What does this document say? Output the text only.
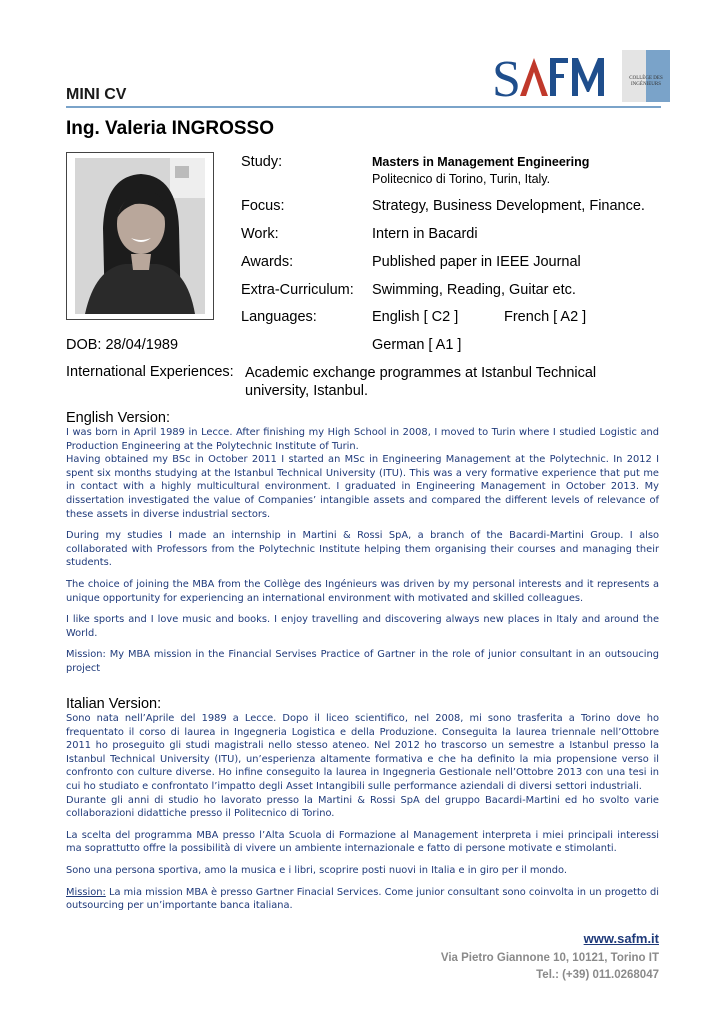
MINI CV	S	COLLÈGE DES INGÉNIEURS
Ing. Valeria INGROSSO
Study:	Masters in Management Engineering
Politecnico di Torino, Turin, Italy.
Focus:	Strategy, Business Development, Finance.
Work:	Intern in Bacardi
Awards:	Published paper in IEEE Journal
Extra-Curriculum: Swimming, Reading, Guitar etc.
Languages:	English [ C2 ]	French [ A2 ]
DOB: 28/04/1989	German [ A1 ]
International Experiences: Academic exchange programmes at Istanbul Technical university, Istanbul.
English Version:

I was born in April 1989 in Lecce. After finishing my High School in 2008, I moved to Turin where I studied Logistic and Production Engineering at the Polytechnic Institute of Turin.

Having obtained my BSc in October 2011 I started an MSc in Engineering Management at the Polytechnic. In 2012 I spent six months studying at the Istanbul Technical University (ITU). This was a very formative experience that put me in contact with a highly multicultural environment. I graduated in Engineering Management in October 2013. My dissertation investigated the value of Companies’ intangible assets and compared the different levels of relevance of these assets in diverse industrial sectors.

During my studies I made an internship in Martini & Rossi SpA, a branch of the Bacardi-Martini Group. I also collaborated with Professors from the Polytechnic Institute helping them organising their courses and managing their students.

The choice of joining the MBA from the Collège des Ingénieurs was driven by my personal interests and it represents a unique opportunity for experiencing an international environment with motivated and skilled colleagues.

I like sports and I love music and books. I enjoy travelling and discovering always new places in Italy and around the World.

Mission: My MBA mission in the Financial Servises Practice of Gartner in the role of junior consultant in an outsoucing project

Italian Version:

Sono nata nell’Aprile del 1989 a Lecce. Dopo il liceo scientifico, nel 2008, mi sono trasferita a Torino dove ho frequentato il corso di laurea in Ingegneria Logistica e della Produzione. Conseguita la laurea triennale nell’Ottobre 2011 ho proseguito gli studi magistrali nello stesso ateneo. Nel 2012 ho trascorso un semestre a Istanbul presso la Istanbul Technical University (ITU), un’esperienza altamente formativa e che ha definito la mia propensione verso il confronto con culture diverse. Ho infine conseguito la laurea in Ingegneria Gestionale nell’Ottobre 2013 con una tesi in cui ho studiato e confrontato l’impatto degli Asset Intangibili sulle performance aziendali di diversi settori industriali.

Durante gli anni di studio ho lavorato presso la Martini & Rossi SpA del gruppo Bacardi-Martini ed ho svolto varie collaborazioni didattiche presso il Politecnico di Torino.

La scelta del programma MBA presso l’Alta Scuola di Formazione al Management interpreta i miei principali interessi ma soprattutto offre la possibilità di vivere un ambiente internazionale e fatto di persone motivate e stimolanti.

Sono una persona sportiva, amo la musica e i libri, scoprire posti nuovi in Italia e in giro per il mondo.

Mission: La mia mission MBA è presso Gartner Finacial Services. Come junior consultant sono coinvolta in un progetto di outsourcing per un’importante banca italiana.

www.safm.it
Via Pietro Giannone 10, 10121, Torino IT
Tel.: (+39) 011.0268047
